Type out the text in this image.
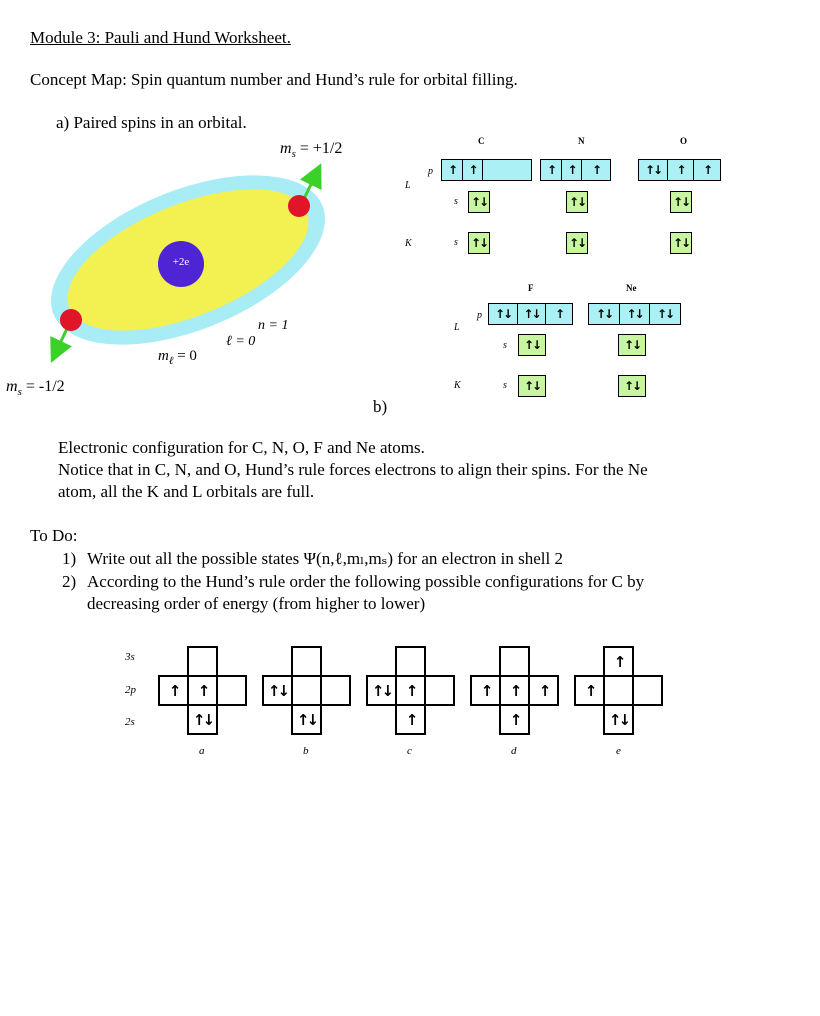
Module 3: Pauli and Hund Worksheet.
Concept Map: Spin quantum number and Hund’s rule for orbital filling.
a) Paired spins in an orbital.
+2e
$m_s = +1/2$
$m_s = -1/2$
n = 1
ℓ = 0
$m_\ell = 0$
C	N	O
L
p
s
K	s
↑	↑
↑↓
↑↓
↑	↑	↑
↑↓
↑↓
↑↓	↑	↑
↑↓
↑↓
F	Ne
L
p
s
K	s
↑↓	↑↓	↑
↑↓
↑↓
↑↓	↑↓	↑↓
↑↓
↑↓
b)
Electronic configuration for C, N, O, F and Ne atoms.
Notice that in C, N, and O, Hund’s rule forces electrons to align their spins. For the Ne
atom, all the K and L orbitals are full.
To Do:
1) Write out all the possible states Ψ(n,ℓ,mₗ,mₛ) for an electron in shell 2
2) According to the Hund’s rule order the following possible configurations for C by
decreasing order of energy (from higher to lower)
3s
2p
2s
↑	↑
↑↓
a
↑↓
↑↓
b
↑↓ ↑
↑
c
↑	↑	↑
↑
d
↑
↑
↑↓
e
